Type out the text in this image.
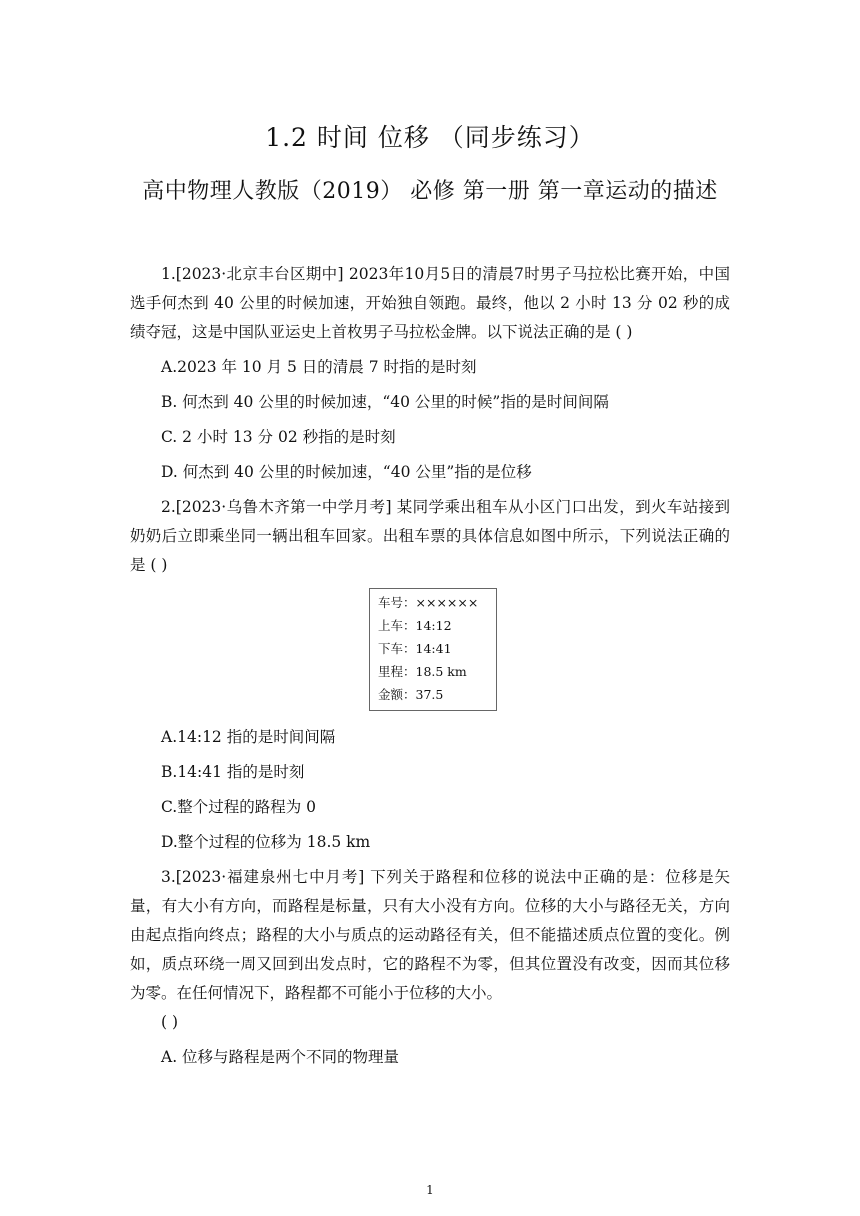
1.2 时间 位移 （同步练习）
高中物理人教版（2019） 必修 第一册 第一章运动的描述

1.[2023·北京丰台区期中] 2023年10月5日的清晨7时男子马拉松比赛开始，中国选手何杰到 40 公里的时候加速，开始独自领跑。最终，他以 2 小时 13 分 02 秒的成绩夺冠，这是中国队亚运史上首枚男子马拉松金牌。以下说法正确的是 ( )

A.2023 年 10 月 5 日的清晨 7 时指的是时刻
B. 何杰到 40 公里的时候加速，“40 公里的时候”指的是时间间隔
C. 2 小时 13 分 02 秒指的是时刻
D. 何杰到 40 公里的时候加速，“40 公里”指的是位移

2.[2023·乌鲁木齐第一中学月考] 某同学乘出租车从小区门口出发，到火车站接到奶奶后立即乘坐同一辆出租车回家。出租车票的具体信息如图中所示，下列说法正确的是 ( )

车号：××××××
上车：14:12
下车：14:41
里程：18.5 km
金额：37.5
A.14:12 指的是时间间隔
B.14:41 指的是时刻
C.整个过程的路程为 0
D.整个过程的位移为 18.5 km

3.[2023·福建泉州七中月考] 下列关于路程和位移的说法中正确的是：位移是矢量，有大小有方向，而路程是标量，只有大小没有方向。位移的大小与路径无关，方向由起点指向终点；路程的大小与质点的运动路径有关，但不能描述质点位置的变化。例如，质点环绕一周又回到出发点时，它的路程不为零，但其位置没有改变，因而其位移为零。在任何情况下，路程都不可能小于位移的大小。

( )
A. 位移与路程是两个不同的物理量
1
